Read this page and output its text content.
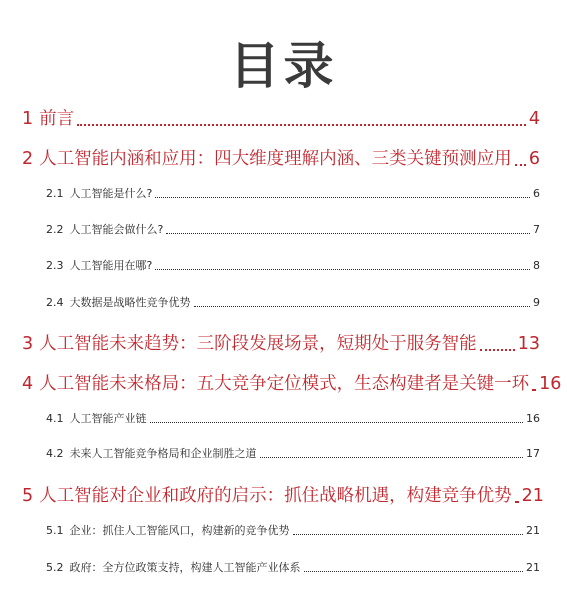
目录
1 前言	4
2 人工智能内涵和应用：四大维度理解内涵、三类关键预测应用 6
2.1 人工智能是什么?	6
2.2 人工智能会做什么?	7
2.3 人工智能用在哪?	8
2.4 大数据是战略性竞争优势	9
3 人工智能未来趋势：三阶段发展场景，短期处于服务智能 13
4 人工智能未来格局：五大竞争定位模式，生态构建者是关键一环 16
4.1 人工智能产业链	16
4.2 未来人工智能竞争格局和企业制胜之道	17
5 人工智能对企业和政府的启示：抓住战略机遇，构建竞争优势 21
5.1 企业：抓住人工智能风口，构建新的竞争优势	21
5.2 政府：全方位政策支持，构建人工智能产业体系	21
